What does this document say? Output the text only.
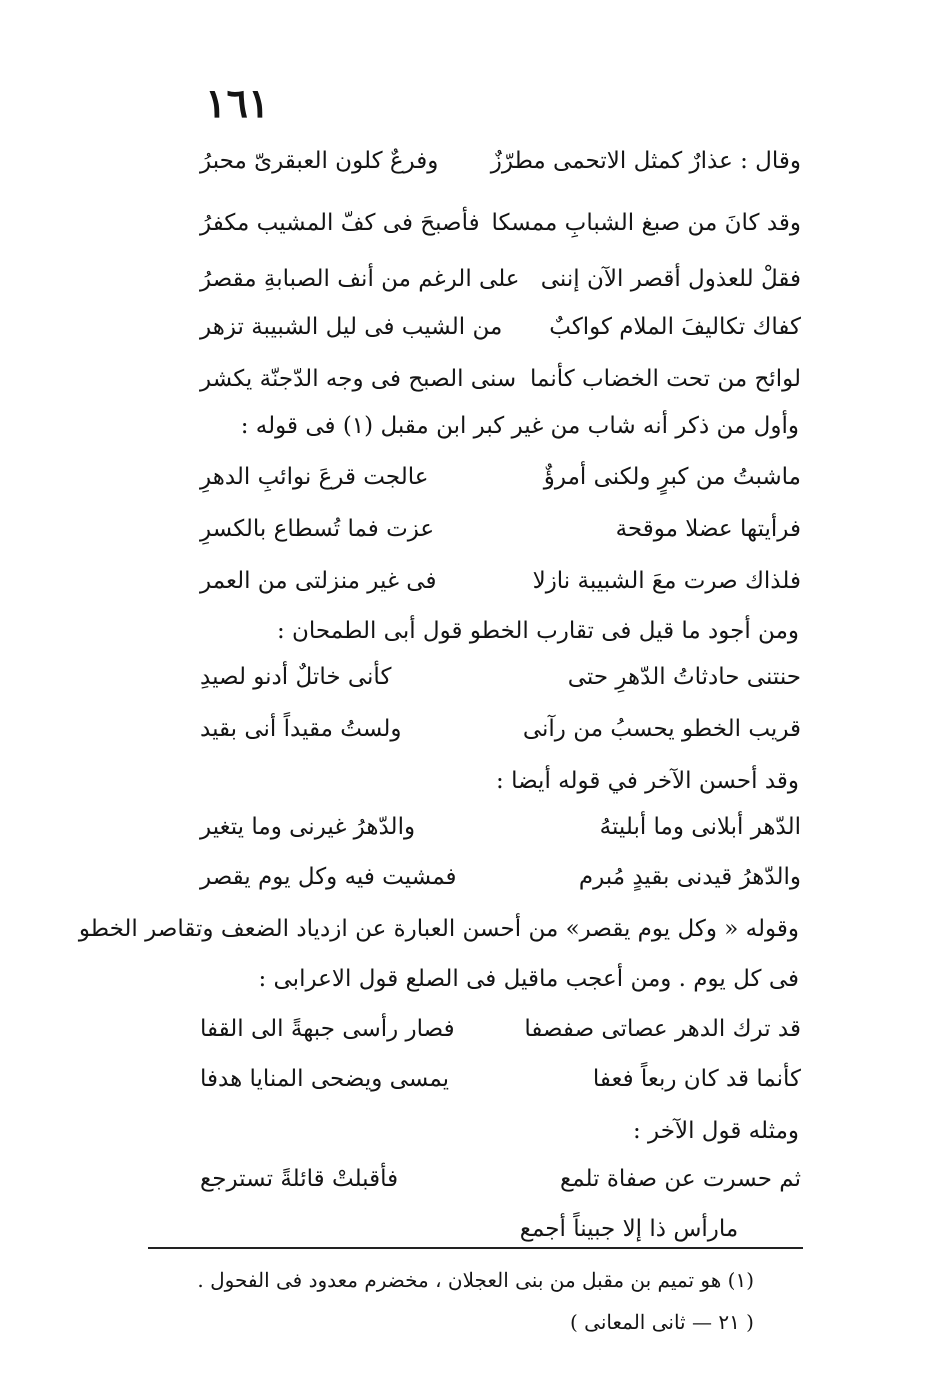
١٦١
وقال : عذارٌ كمثل الاتحمى مطرّزٌ
وفرعٌ كلون العبقرىّ محبرُ
وقد كانَ من صبغ الشبابِ ممسكا
فأصبحَ فى كفّ المشيب مكفرُ
فقلْ للعذول أقصر الآن إننى
على الرغم من أنف الصبابةِ مقصرُ
كفاك تكاليفَ الملام كواكبٌ
من الشيب فى ليل الشبيبة تزهر
لوائح من تحت الخضاب كأنما
سنى الصبح فى وجه الدّجنّة يكشر
وأول من ذكر أنه شاب من غير كبر ابن مقبل (١) فى قوله :
ماشبتُ من كبرٍ ولكنى أمرؤٌ
عالجت قرعَ نوائبِ الدهرِ
فرأيتها عضلا موقحة
عزت فما تُسطاع بالكسرِ
فلذاك صرت معَ الشبيبة نازلا
فى غير منزلتى من العمر
ومن أجود ما قيل فى تقارب الخطو قول أبى الطمحان :
حنتنى حادثاتُ الدّهرِ حتى
كأنى خاتلٌ أدنو لصيدِ
قريب الخطو يحسبُ من رآنى
ولستُ مقيداً أنى بقيد
وقد أحسن الآخر في قوله أيضا :
الدّهر أبلانى وما أبليتهُ
والدّهرُ غيرنى وما يتغير
والدّهرُ قيدنى بقيدٍ مُبرم
فمشيت فيه وكل يوم يقصر
وقوله « وكل يوم يقصر» من أحسن العبارة عن ازدياد الضعف وتقاصر الخطو
فى كل يوم . ومن أعجب ماقيل فى الصلع قول الاعرابى :
قد ترك الدهر عصاتى صفصفا
فصار رأسى جبهةً الى القفا
كأنما قد كان ربعاً فعفا
يمسى ويضحى المنايا هدفا
ومثله قول الآخر :
ثم حسرت عن صفاة تلمع
فأقبلتْ قائلةً تسترجع
مارأس ذا إلا جبيناً أجمع
(١) هو تميم بن مقبل من بنى العجلان ، مخضرم معدود فى الفحول .
( ٢١ — ثانى المعانى )
